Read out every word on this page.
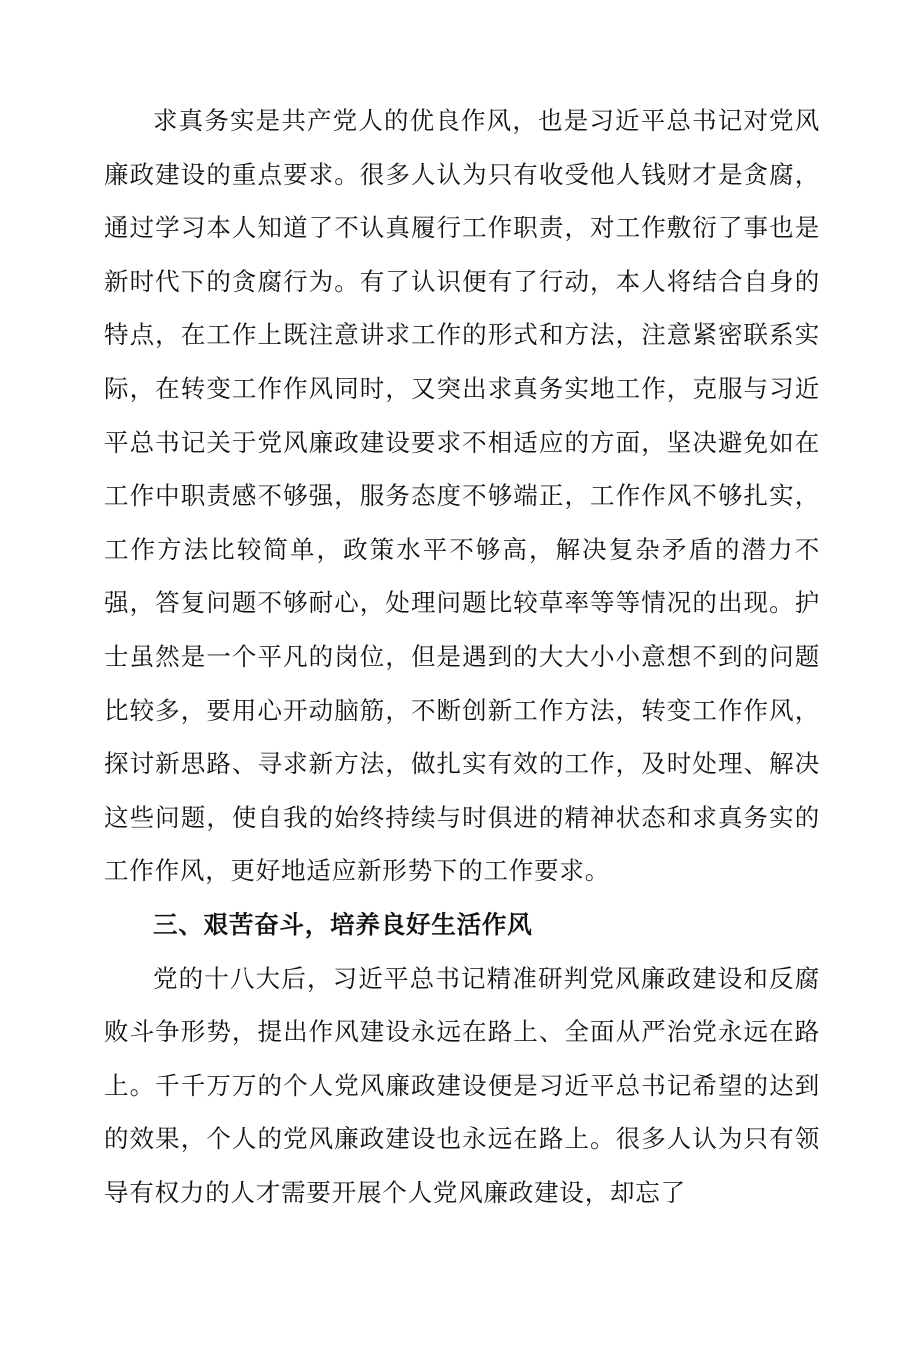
求真务实是共产党人的优良作风，也是习近平总书记对党风廉政建设的重点要求。很多人认为只有收受他人钱财才是贪腐，通过学习本人知道了不认真履行工作职责，对工作敷衍了事也是新时代下的贪腐行为。有了认识便有了行动，本人将结合自身的特点，在工作上既注意讲求工作的形式和方法，注意紧密联系实际，在转变工作作风同时，又突出求真务实地工作，克服与习近平总书记关于党风廉政建设要求不相适应的方面，坚决避免如在工作中职责感不够强，服务态度不够端正，工作作风不够扎实，工作方法比较简单，政策水平不够高，解决复杂矛盾的潜力不强，答复问题不够耐心，处理问题比较草率等等情况的出现。护士虽然是一个平凡的岗位，但是遇到的大大小小意想不到的问题比较多，要用心开动脑筋，不断创新工作方法，转变工作作风，探讨新思路、寻求新方法，做扎实有效的工作，及时处理、解决这些问题，使自我的始终持续与时俱进的精神状态和求真务实的工作作风，更好地适应新形势下的工作要求。

三、艰苦奋斗，培养良好生活作风

党的十八大后，习近平总书记精准研判党风廉政建设和反腐败斗争形势，提出作风建设永远在路上、全面从严治党永远在路上。千千万万的个人党风廉政建设便是习近平总书记希望的达到的效果，个人的党风廉政建设也永远在路上。很多人认为只有领导有权力的人才需要开展个人党风廉政建设，却忘了
